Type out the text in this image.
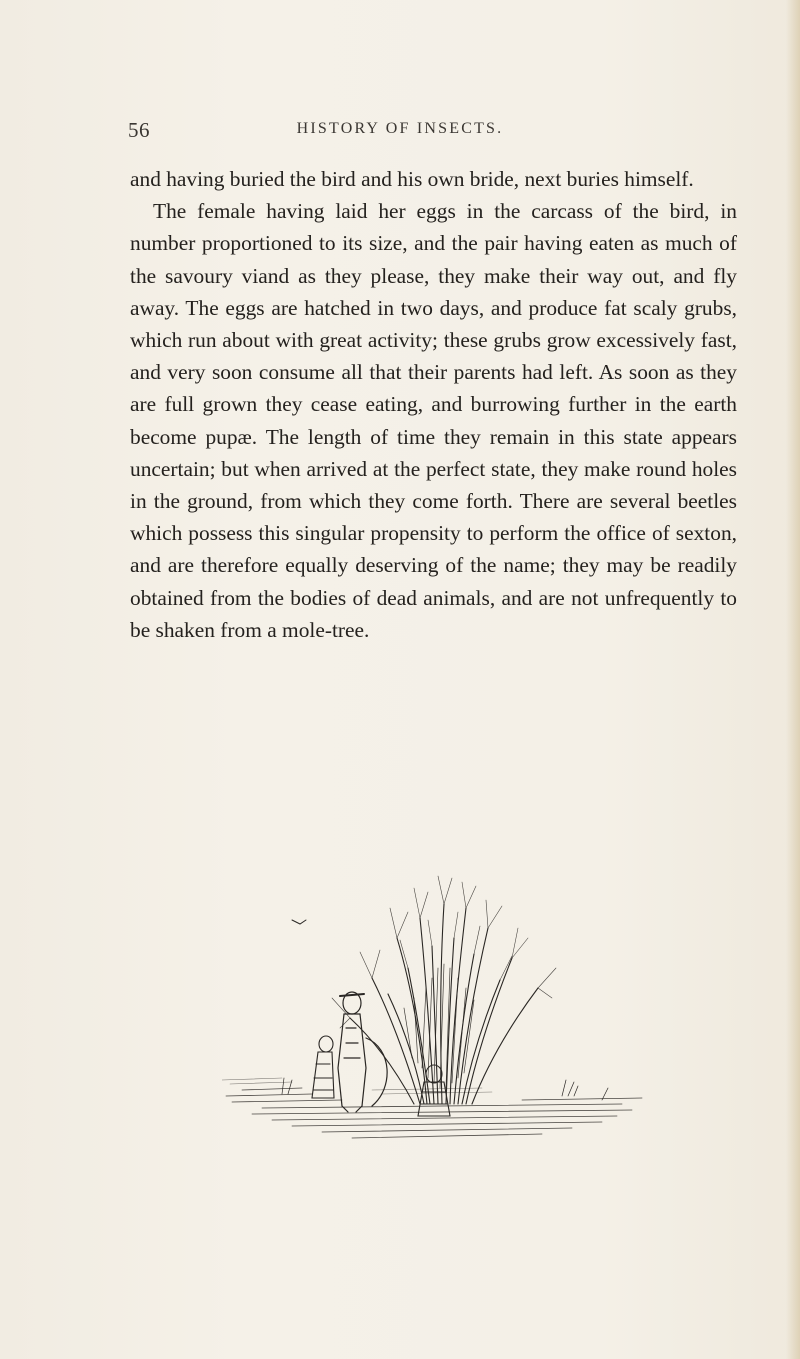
56	HISTORY OF INSECTS.

and having buried the bird and his own bride, next buries himself.

The female having laid her eggs in the carcass of the bird, in number proportioned to its size, and the pair having eaten as much of the savoury viand as they please, they make their way out, and fly away. The eggs are hatched in two days, and produce fat scaly grubs, which run about with great activity; these grubs grow excessively fast, and very soon consume all that their parents had left. As soon as they are full grown they cease eating, and burrowing further in the earth become pupæ. The length of time they remain in this state appears uncertain; but when arrived at the perfect state, they make round holes in the ground, from which they come forth. There are several beetles which possess this singular propensity to perform the office of sexton, and are therefore equally deserving of the name; they may be readily obtained from the bodies of dead animals, and are not unfrequently to be shaken from a mole-tree.
